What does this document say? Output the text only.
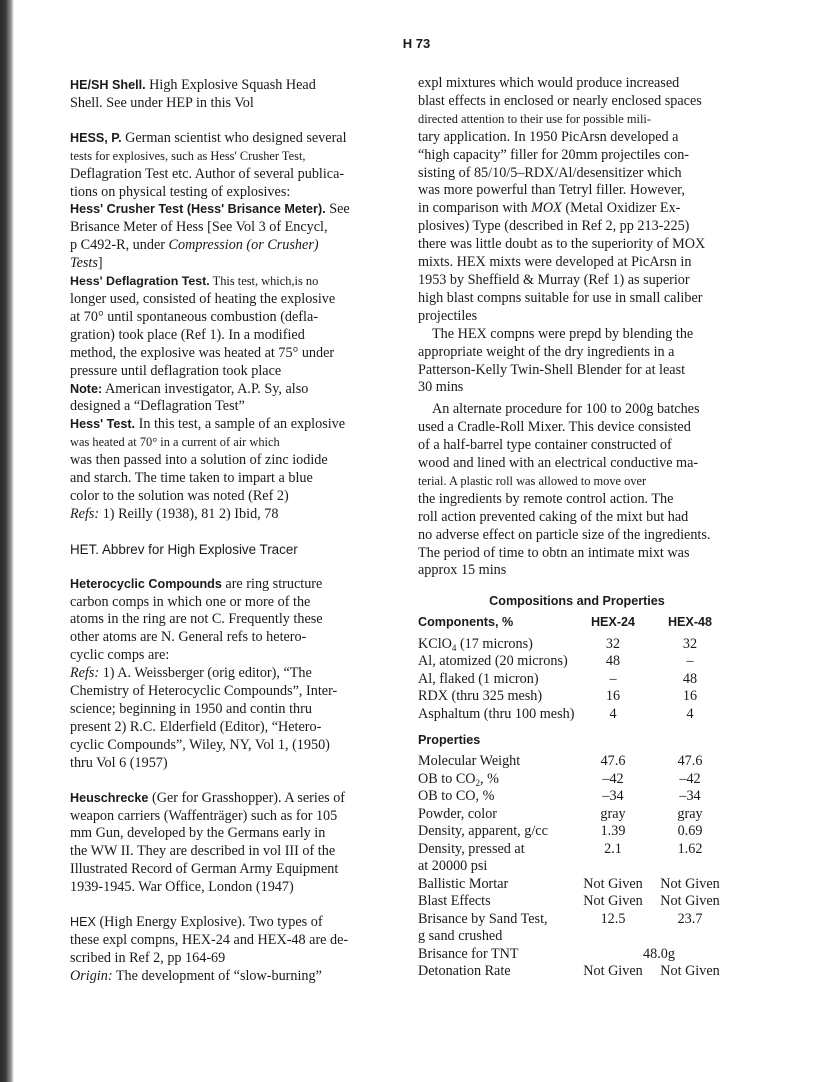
H 73

HE/SH Shell. High Explosive Squash Head
Shell. See under HEP in this Vol

HESS, P. German scientist who designed several
tests for explosives, such as Hess' Crusher Test,
Deflagration Test etc. Author of several publica-
tions on physical testing of explosives:
Hess' Crusher Test (Hess' Brisance Meter). See
Brisance Meter of Hess [See Vol 3 of Encycl,
p C492-R, under Compression (or Crusher)
Tests]
Hess' Deflagration Test. This test, which,is no
longer used, consisted of heating the explosive
at 70° until spontaneous combustion (defla-
gration) took place (Ref 1). In a modified
method, the explosive was heated at 75° under
pressure until deflagration took place
Note: American investigator, A.P. Sy, also
designed a “Deflagration Test”
Hess' Test. In this test, a sample of an explosive
was heated at 70° in a current of air which
was then passed into a solution of zinc iodide
and starch. The time taken to impart a blue
color to the solution was noted (Ref 2)
Refs: 1) Reilly (1938), 81 2) Ibid, 78

HET. Abbrev for High Explosive Tracer

Heterocyclic Compounds are ring structure
carbon comps in which one or more of the
atoms in the ring are not C. Frequently these
other atoms are N. General refs to hetero-
cyclic comps are:
Refs: 1) A. Weissberger (orig editor), “The
Chemistry of Heterocyclic Compounds”, Inter-
science; beginning in 1950 and contin thru
present 2) R.C. Elderfield (Editor), “Hetero-
cyclic Compounds”, Wiley, NY, Vol 1, (1950)
thru Vol 6 (1957)
Heuschrecke (Ger for Grasshopper). A series of
weapon carriers (Waffenträger) such as for 105
mm Gun, developed by the Germans early in
the WW II. They are described in vol III of the
Illustrated Record of German Army Equipment
1939-1945. War Office, London (1947)
HEX (High Energy Explosive). Two types of
these expl compns, HEX-24 and HEX-48 are de-
scribed in Ref 2, pp 164-69
Origin: The development of “slow-burning”
expl mixtures which would produce increased
blast effects in enclosed or nearly enclosed spaces
directed attention to their use for possible mili-
tary application. In 1950 PicArsn developed a
“high capacity” filler for 20mm projectiles con-
sisting of 85/10/5–RDX/Al/desensitizer which
was more powerful than Tetryl filler. However,
in comparison with MOX (Metal Oxidizer Ex-
plosives) Type (described in Ref 2, pp 213-225)
there was little doubt as to the superiority of MOX
mixts. HEX mixts were developed at PicArsn in
1953 by Sheffield & Murray (Ref 1) as superior
high blast compns suitable for use in small caliber
projectiles
The HEX compns were prepd by blending the
appropriate weight of the dry ingredients in a
Patterson-Kelly Twin-Shell Blender for at least
30 mins
An alternate procedure for 100 to 200g batches
used a Cradle-Roll Mixer. This device consisted
of a half-barrel type container constructed of
wood and lined with an electrical conductive ma-
terial. A plastic roll was allowed to move over
the ingredients by remote control action. The
roll action prevented caking of the mixt but had
no adverse effect on particle size of the ingredients.
The period of time to obtn an intimate mixt was
approx 15 mins
Compositions and Properties
Components, %	HEX-24	HEX-48
KClO$_4$ (17 microns)	32	32
Al, atomized (20 microns)	48	–
Al, flaked (1 micron)	–	48
RDX (thru 325 mesh)	16	16
Asphaltum (thru 100 mesh)	4	4
Properties
Molecular Weight	47.6	47.6
OB to $CO_2$, %	–42	–42
OB to CO, %	–34	–34
Powder, color	gray	gray
Density, apparent, g/cc	1.39	0.69
Density, pressed at	2.1	1.62
at 20000 psi
Ballistic Mortar	Not Given	Not Given
Blast Effects	Not Given	Not Given
Brisance by Sand Test,	12.5	23.7
g sand crushed
Brisance for TNT	48.0g
Detonation Rate	Not Given	Not Given
